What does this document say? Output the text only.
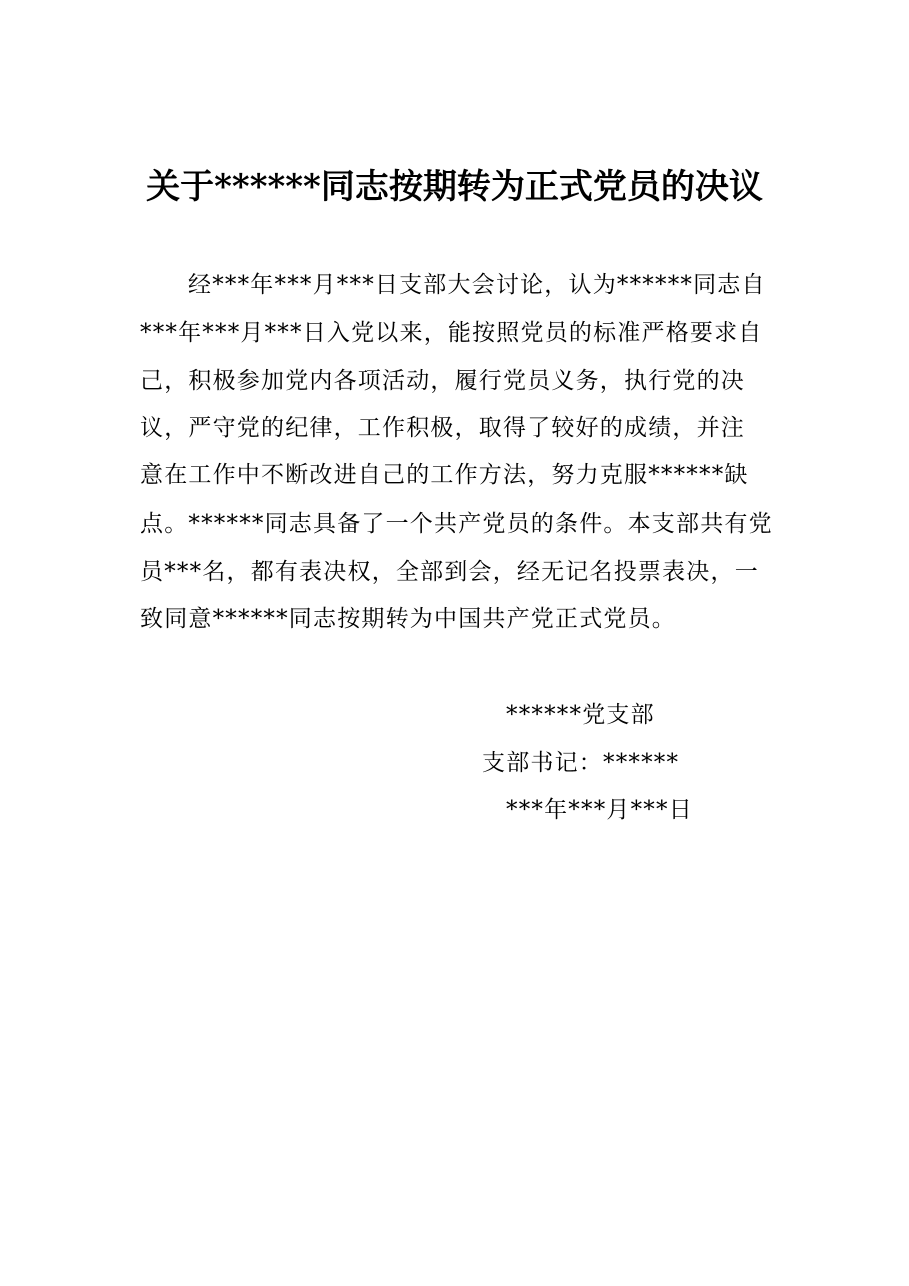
关于******同志按期转为正式党员的决议
经***年***月***日支部大会讨论，认为******同志自
***年***月***日入党以来，能按照党员的标准严格要求自
己，积极参加党内各项活动，履行党员义务，执行党的决
议，严守党的纪律，工作积极，取得了较好的成绩，并注
意在工作中不断改进自己的工作方法，努力克服******缺
点。******同志具备了一个共产党员的条件。本支部共有党
员***名，都有表决权，全部到会，经无记名投票表决，一
致同意******同志按期转为中国共产党正式党员。
******党支部
支部书记：******
***年***月***日
